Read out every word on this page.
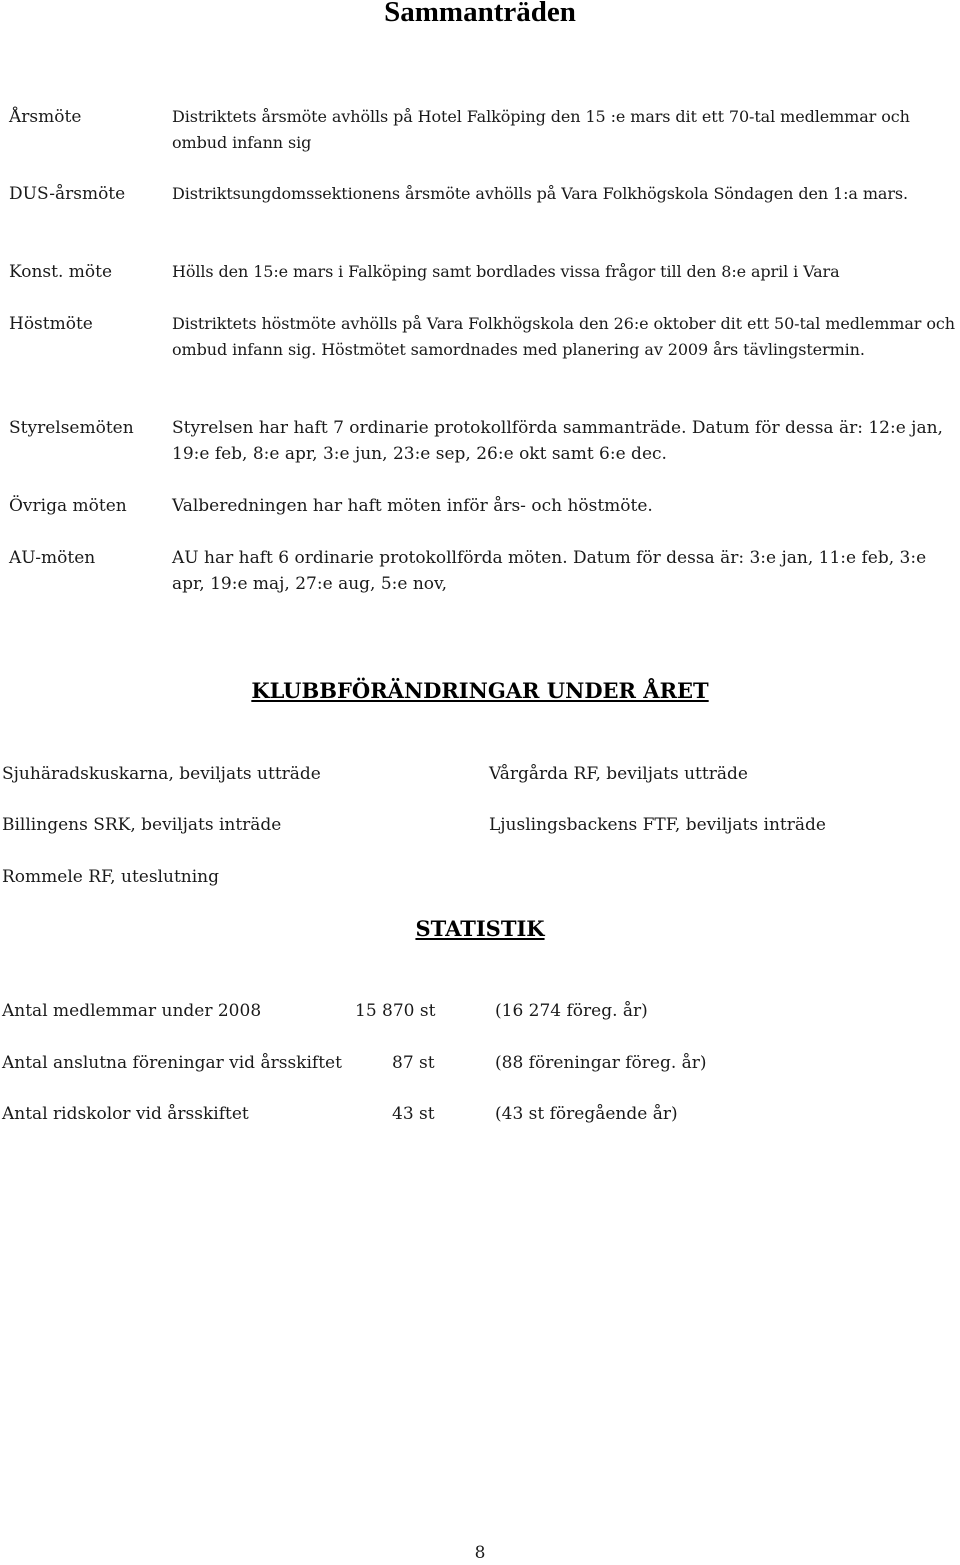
Sammanträden
Årsmöte	Distriktets årsmöte avhölls på Hotel Falköping den 15 :e mars dit ett 70-tal medlemmar och ombud infann sig
DUS-årsmöte	Distriktsungdomssektionens årsmöte avhölls på Vara Folkhögskola Söndagen den 1:a mars.
Konst. möte	Hölls den 15:e mars i Falköping samt bordlades vissa frågor till den 8:e april i Vara
Höstmöte	Distriktets höstmöte avhölls på Vara Folkhögskola den 26:e oktober dit ett 50-tal medlemmar och ombud infann sig. Höstmötet samordnades med planering av 2009 års tävlingstermin.
Styrelsemöten Styrelsen har haft 7 ordinarie protokollförda sammanträde. Datum för dessa är: 12:e jan, 19:e feb, 8:e apr, 3:e jun, 23:e sep, 26:e okt samt 6:e dec.
Övriga möten	Valberedningen har haft möten inför års- och höstmöte.
AU-möten	AU har haft 6 ordinarie protokollförda möten. Datum för dessa är: 3:e jan, 11:e feb, 3:e apr, 19:e maj, 27:e aug, 5:e nov,
KLUBBFÖRÄNDRINGAR UNDER ÅRET
Sjuhäradskuskarna, beviljats utträde	Vårgårda RF, beviljats utträde
Billingens SRK, beviljats inträde	Ljuslingsbackens FTF, beviljats inträde
Rommele RF, uteslutning
STATISTIK
Antal medlemmar under 2008	15 870 st	(16 274 föreg. år)
Antal anslutna föreningar vid årsskiftet	87 st	(88 föreningar föreg. år)
Antal ridskolor vid årsskiftet	43 st	(43 st föregående år)
8
